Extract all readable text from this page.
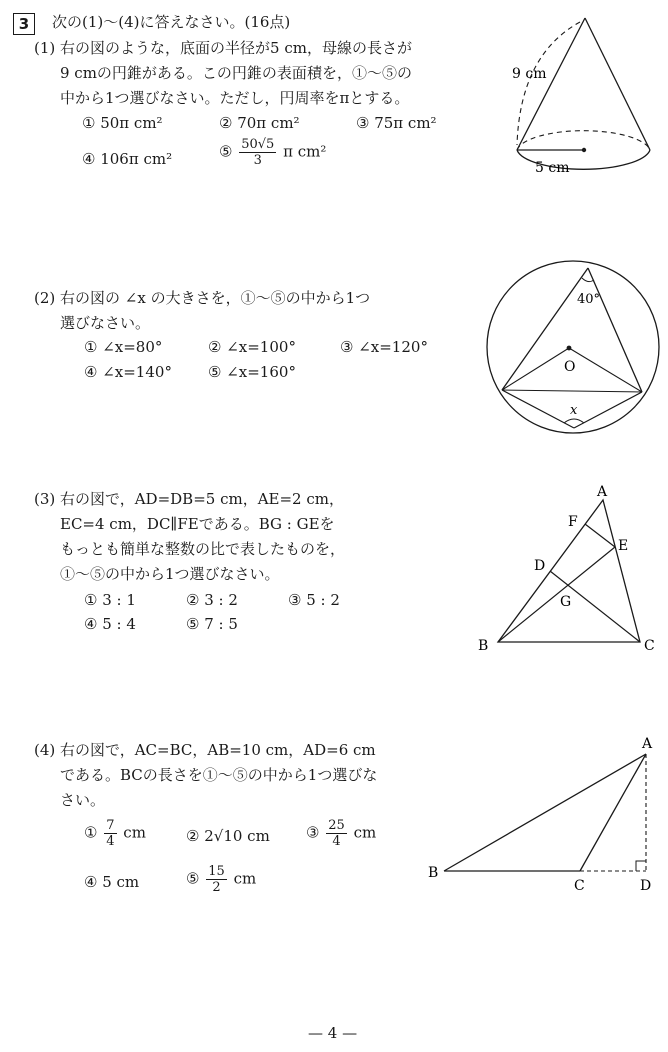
3	次の(1)〜(4)に答えなさい。(16点)
(1) 右の図のような，底面の半径が5 cm，母線の長さが
9 cmの円錐がある。この円錐の表面積を，①〜⑤の
中から1つ選びなさい。ただし，円周率をπとする。
① 50π cm²	② 70π cm²	③ 75π cm²
④ 106π cm²	⑤ $\frac{50√5}{3}$ π cm²
9 cm
5 cm
(2) 右の図の ∠x の大きさを，①〜⑤の中から1つ
選びなさい。
① ∠x=80°	② ∠x=100°	③ ∠x=120°
④ ∠x=140° ⑤ ∠x=160°
40°
O
x
(3) 右の図で，AD=DB=5 cm，AE=2 cm，
EC=4 cm，DC∥FEである。BG : GEを
もっとも簡単な整数の比で表したものを，
①〜⑤の中から1つ選びなさい。
① 3 : 1	② 3 : 2	③ 5 : 2
④ 5 : 4	⑤ 7 : 5
A
B	C
D
E
F
G
(4) 右の図で，AC=BC，AB=10 cm，AD=6 cm
である。BCの長さを①〜⑤の中から1つ選びな
さい。
① $\frac{7}{4}$ cm	② 2√10 cm ③ $\frac{25}{4}$ cm
④ 5 cm	⑤ $\frac{15}{2}$ cm
A
B
C	D
— 4 —
